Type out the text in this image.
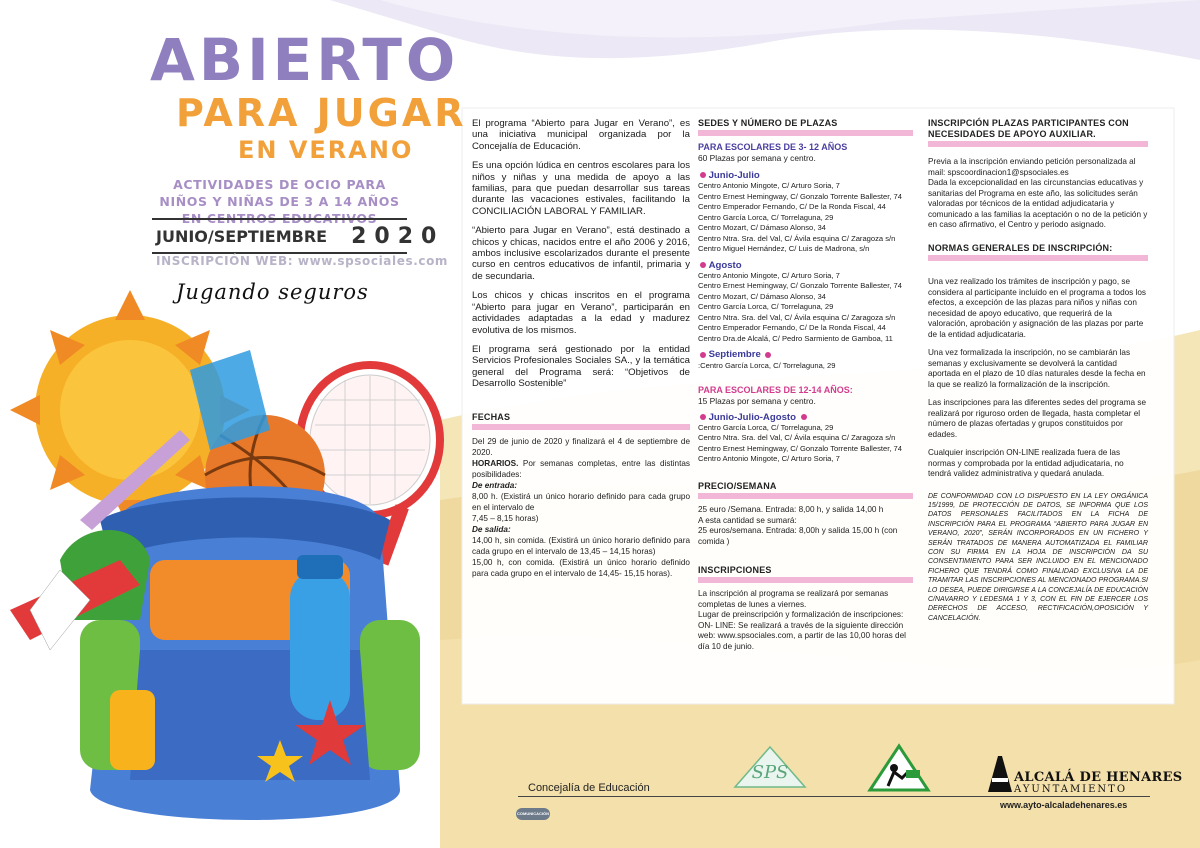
ABIERTO
PARA JUGAR
EN VERANO
ACTIVIDADES DE OCIO PARA NIÑOS Y NIÑAS DE 3 A 14 AÑOS EN CENTROS EDUCATIVOS
JUNIO/SEPTIEMBRE 2020
INSCRIPCIÓN WEB: www.spsociales.com
Jugando seguros

El programa “Abierto para Jugar en Verano”, es una iniciativa municipal organizada por la Concejalía de Educación.

Es una opción lúdica en centros escolares para los niños y niñas y una medida de apoyo a las familias, para que puedan desarrollar sus tareas durante las vacaciones estivales, facilitando la CONCILIACIÓN LABORAL Y FAMILIAR.

“Abierto para Jugar en Verano”, está destinado a chicos y chicas, nacidos entre el año 2006 y 2016, ambos inclusive escolarizados durante el presente curso en centros educativos de infantil, primaria y de secundaria.

Los chicos y chicas inscritos en el programa “Abierto para jugar en Verano”, participarán en actividades adaptadas a la edad y madurez evolutiva de los mismos.

El programa será gestionado por la entidad Servicios Profesionales Sociales SA., y la temática general del Programa será: “Objetivos de Desarrollo Sostenible”

FECHAS
Del 29 de junio de 2020 y finalizará el 4 de septiembre de 2020.
HORARIOS. Por semanas completas, entre las distintas posibilidades:
De entrada:
8,00 h. (Existirá un único horario definido para cada grupo en el intervalo de
7,45 – 8,15 horas)
De salida:
14,00 h, sin comida. (Existirá un único horario definido para cada grupo en el intervalo de 13,45 – 14,15 horas)
15,00 h, con comida. (Existirá un único horario definido para cada grupo en el intervalo de 14,45- 15,15 horas).
SEDES Y NÚMERO DE PLAZAS
PARA ESCOLARES DE 3- 12 AÑOS
60 Plazas por semana y centro.
Junio-Julio
Centro Antonio Mingote, C/ Arturo Soria, 7
Centro Ernest Hemingway, C/ Gonzalo Torrente Ballester, 74
Centro Emperador Fernando, C/ De la Ronda Fiscal, 44
Centro García Lorca, C/ Torrelaguna, 29
Centro Mozart, C/ Dámaso Alonso, 34
Centro Ntra. Sra. del Val, C/ Ávila esquina C/ Zaragoza s/n
Centro Miguel Hernández, C/ Luis de Madrona, s/n
Agosto
Centro Antonio Mingote, C/ Arturo Soria, 7
Centro Ernest Hemingway, C/ Gonzalo Torrente Ballester, 74
Centro Mozart, C/ Dámaso Alonso, 34
Centro García Lorca, C/ Torrelaguna, 29
Centro Ntra. Sra. del Val, C/ Ávila esquina C/ Zaragoza s/n
Centro Emperador Fernando, C/ De la Ronda Fiscal, 44
Centro Dra.de Alcalá, C/ Pedro Sarmiento de Gamboa, 11
Septiembre
:Centro García Lorca, C/ Torrelaguna, 29
PARA ESCOLARES DE 12-14 AÑOS:
15 Plazas por semana y centro.
Junio-Julio-Agosto
Centro García Lorca, C/ Torrelaguna, 29
Centro Ntra. Sra. del Val, C/ Ávila esquina C/ Zaragoza s/n
Centro Ernest Hemingway, C/ Gonzalo Torrente Ballester, 74
Centro Antonio Mingote, C/ Arturo Soria, 7
PRECIO/SEMANA
25 euro /Semana. Entrada: 8,00 h, y salida 14,00 h
A esta cantidad se sumará:
25 euros/semana. Entrada: 8,00h y salida 15,00 h (con comida )
INSCRIPCIONES
La inscripción al programa se realizará por semanas completas de lunes a viernes.
Lugar de preinscripción y formalización de inscripciones:
ON- LINE: Se realizará a través de la siguiente dirección web: www.spsociales.com, a partir de las 10,00 horas del día 10 de junio.
INSCRIPCIÓN PLAZAS PARTICIPANTES CON NECESIDADES DE APOYO AUXILIAR.

Previa a la inscripción enviando petición personalizada al mail: spscoordinacion1@spsociales.es

Dada la excepcionalidad en las circunstancias educativas y sanitarias del Programa en este año, las solicitudes serán valoradas por técnicos de la entidad adjudicataria y comunicado a las familias la aceptación o no de la petición y en caso afirmativo, el Centro y periodo asignado.

NORMAS GENERALES DE INSCRIPCIÓN:

Una vez realizado los trámites de inscripción y pago, se considera al participante incluido en el programa a todos los efectos, a excepción de las plazas para niños y niñas con necesidad de apoyo educativo, que requerirá de la valoración, aprobación y asignación de las plazas por parte de la entidad adjudicataria.

Una vez formalizada la inscripción, no se cambiarán las semanas y exclusivamente se devolverá la cantidad aportada en el plazo de 10 días naturales desde la fecha en la que se realizó la formalización de la inscripción.

Las inscripciones para las diferentes sedes del programa se realizará por riguroso orden de llegada, hasta completar el número de plazas ofertadas y grupos constituidos por edades.

Cualquier inscripción ON-LINE realizada fuera de las normas y comprobada por la entidad adjudicataria, no tendrá validez administrativa y quedará anulada.

DE CONFORMIDAD CON LO DISPUESTO EN LA LEY ORGÁNICA 15/1999, DE PROTECCIÓN DE DATOS, SE INFORMA QUE LOS DATOS PERSONALES FACILITADOS EN LA FICHA DE INSCRIPCIÓN PARA EL PROGRAMA “ABIERTO PARA JUGAR EN VERANO, 2020”, SERÁN INCORPORADOS EN UN FICHERO Y SERÁN TRATADOS DE MANERA AUTOMATIZADA EL FAMILIAR CON SU FIRMA EN LA HOJA DE INSCRIPCIÓN DA SU CONSENTIMIENTO PARA SER INCLUIDO EN EL MENCIONADO FICHERO QUE TENDRÁ COMO FINALIDAD EXCLUSIVA LA DE TRAMITAR LAS INSCRIPCIONES AL MENCIONADO PROGRAMA.SI LO DESEA, PUEDE DIRIGIRSE A LA CONCEJALÍA DE EDUCACIÓN C/NAVARRO Y LEDESMA 1 Y 3, CON EL FIN DE EJERCER LOS DERECHOS DE ACCESO, RECTIFICACIÓN,OPOSICIÓN Y CANCELACIÓN.

SPS	ALCALÁ DE HENARES
AYUNTAMIENTO
Concejalía de Educación
www.ayto-alcaladehenares.es
COMUNICACIÓN
